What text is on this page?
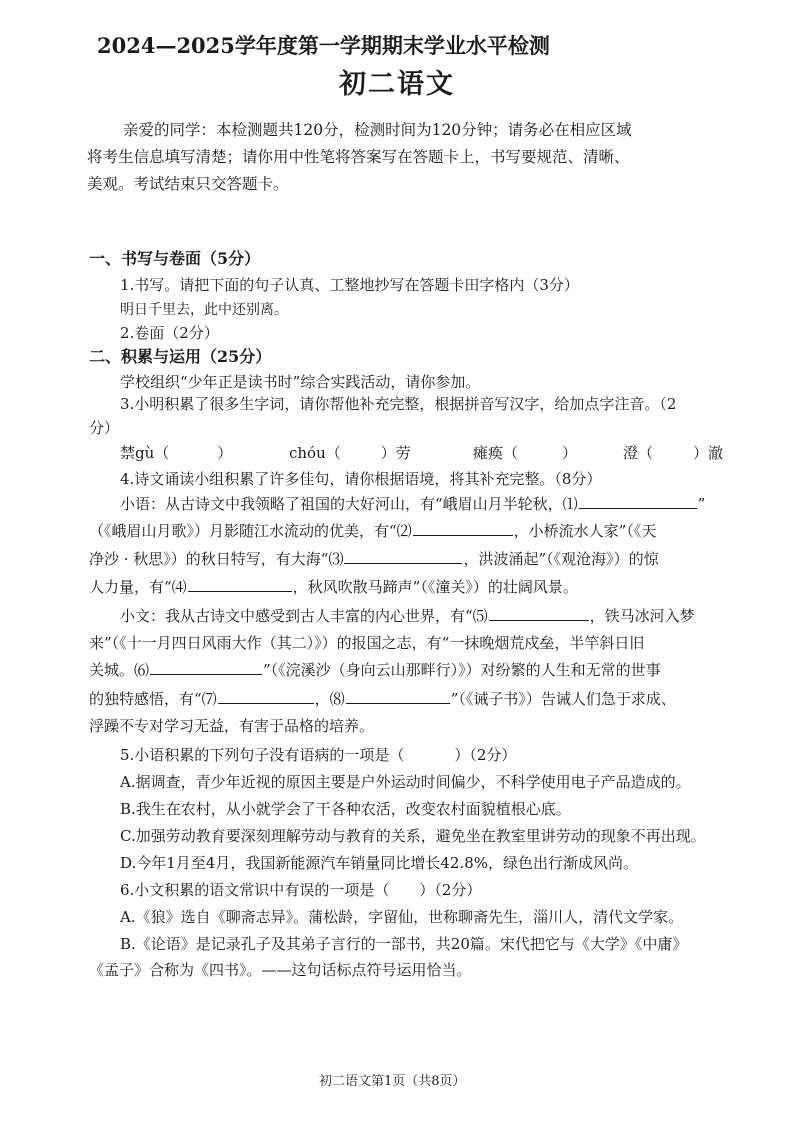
2024—2025学年度第一学期期末学业水平检测
初二语文
亲爱的同学：本检测题共120分，检测时间为120分钟；请务必在相应区域
将考生信息填写清楚；请你用中性笔将答案写在答题卡上，书写要规范、清晰、
美观。考试结束只交答题卡。
一、书写与卷面（5分）
1.书写。请把下面的句子认真、工整地抄写在答题卡田字格内（3分）
明日千里去，此中还别离。
2.卷面（2分）
二、积累与运用（25分）
学校组织“少年正是读书时”综合实践活动，请你参加。
3.小明积累了很多生字词，请你帮他补充完整，根据拼音写汉字，给加点字注音。（2
分）
禁gù（	）	chóu（	）劳	瘫痪（	）	澄（	）澈
4.诗文诵读小组积累了许多佳句，请你根据语境，将其补充完整。（8分）
小语：从古诗文中我领略了祖国的大好河山，有“峨眉山月半轮秋，⑴	”
（《峨眉山月歌》）月影随江水流动的优美，有“⑵	，小桥流水人家”（《天
净沙 · 秋思》）的秋日特写，有大海“⑶	，洪波涌起”（《观沧海》）的惊
人力量，有“⑷	，秋风吹散马蹄声”（《潼关》）的壮阔风景。
小文：我从古诗文中感受到古人丰富的内心世界，有“⑸	，铁马冰河入梦
来”（《十一月四日风雨大作（其二）》）的报国之志，有“一抹晚烟荒戍垒，半竿斜日旧
关城。⑹	”（《浣溪沙（身向云山那畔行）》）对纷繁的人生和无常的世事
的独特感悟，有“⑺	，⑻	”（《诫子书》）告诫人们急于求成、
浮躁不专对学习无益，有害于品格的培养。
5.小语积累的下列句子没有语病的一项是（	）（2分）
A.据调查，青少年近视的原因主要是户外运动时间偏少，不科学使用电子产品造成的。
B.我生在农村，从小就学会了干各种农活，改变农村面貌植根心底。
C.加强劳动教育要深刻理解劳动与教育的关系，避免坐在教室里讲劳动的现象不再出现。
D.今年1月至4月，我国新能源汽车销量同比增长42.8%，绿色出行渐成风尚。
6.小文积累的语文常识中有误的一项是（ ）（2分）
A.《狼》选自《聊斋志异》。蒲松龄，字留仙，世称聊斋先生，淄川人，清代文学家。
B.《论语》是记录孔子及其弟子言行的一部书，共20篇。宋代把它与《大学》《中庸》
《孟子》合称为《四书》。——这句话标点符号运用恰当。
初二语文第1页（共8页）
